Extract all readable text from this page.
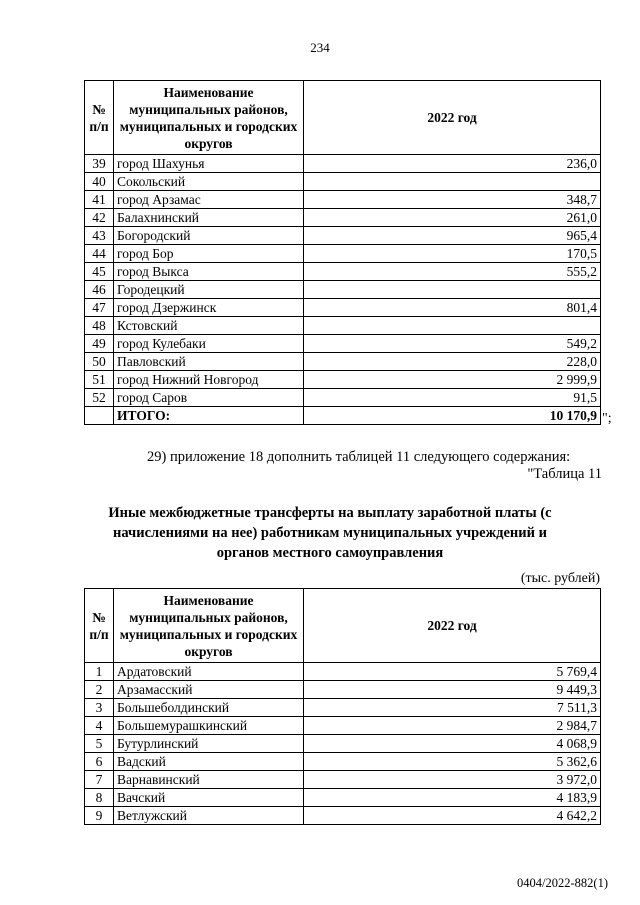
234
№ п/п	Наименование муниципальных районов, муниципальных и городских округов	2022 год
39	город Шахунья	236,0
40	Сокольский	
41	город Арзамас	348,7
42	Балахнинский	261,0
43	Богородский	965,4
44	город Бор	170,5
45	город Выкса	555,2
46	Городецкий	
47	город Дзержинск	801,4
48	Кстовский	
49	город Кулебаки	549,2
50	Павловский	228,0
51	город Нижний Новгород	2 999,9
52	город Саров	91,5
	ИТОГО:	10 170,9 ";
29) приложение 18 дополнить таблицей 11 следующего содержания:
"Таблица 11
Иные межбюджетные трансферты на выплату заработной платы (с начислениями на нее) работникам муниципальных учреждений и органов местного самоуправления
(тыс. рублей)
№ п/п	Наименование муниципальных районов, муниципальных и городских округов	2022 год
1	Ардатовский	5 769,4
2	Арзамасский	9 449,3
3	Большеболдинский	7 511,3
4	Большемурашкинский	2 984,7
5	Бутурлинский	4 068,9
6	Вадский	5 362,6
7	Варнавинский	3 972,0
8	Вачский	4 183,9
9	Ветлужский	4 642,2
0404/2022-882(1)
